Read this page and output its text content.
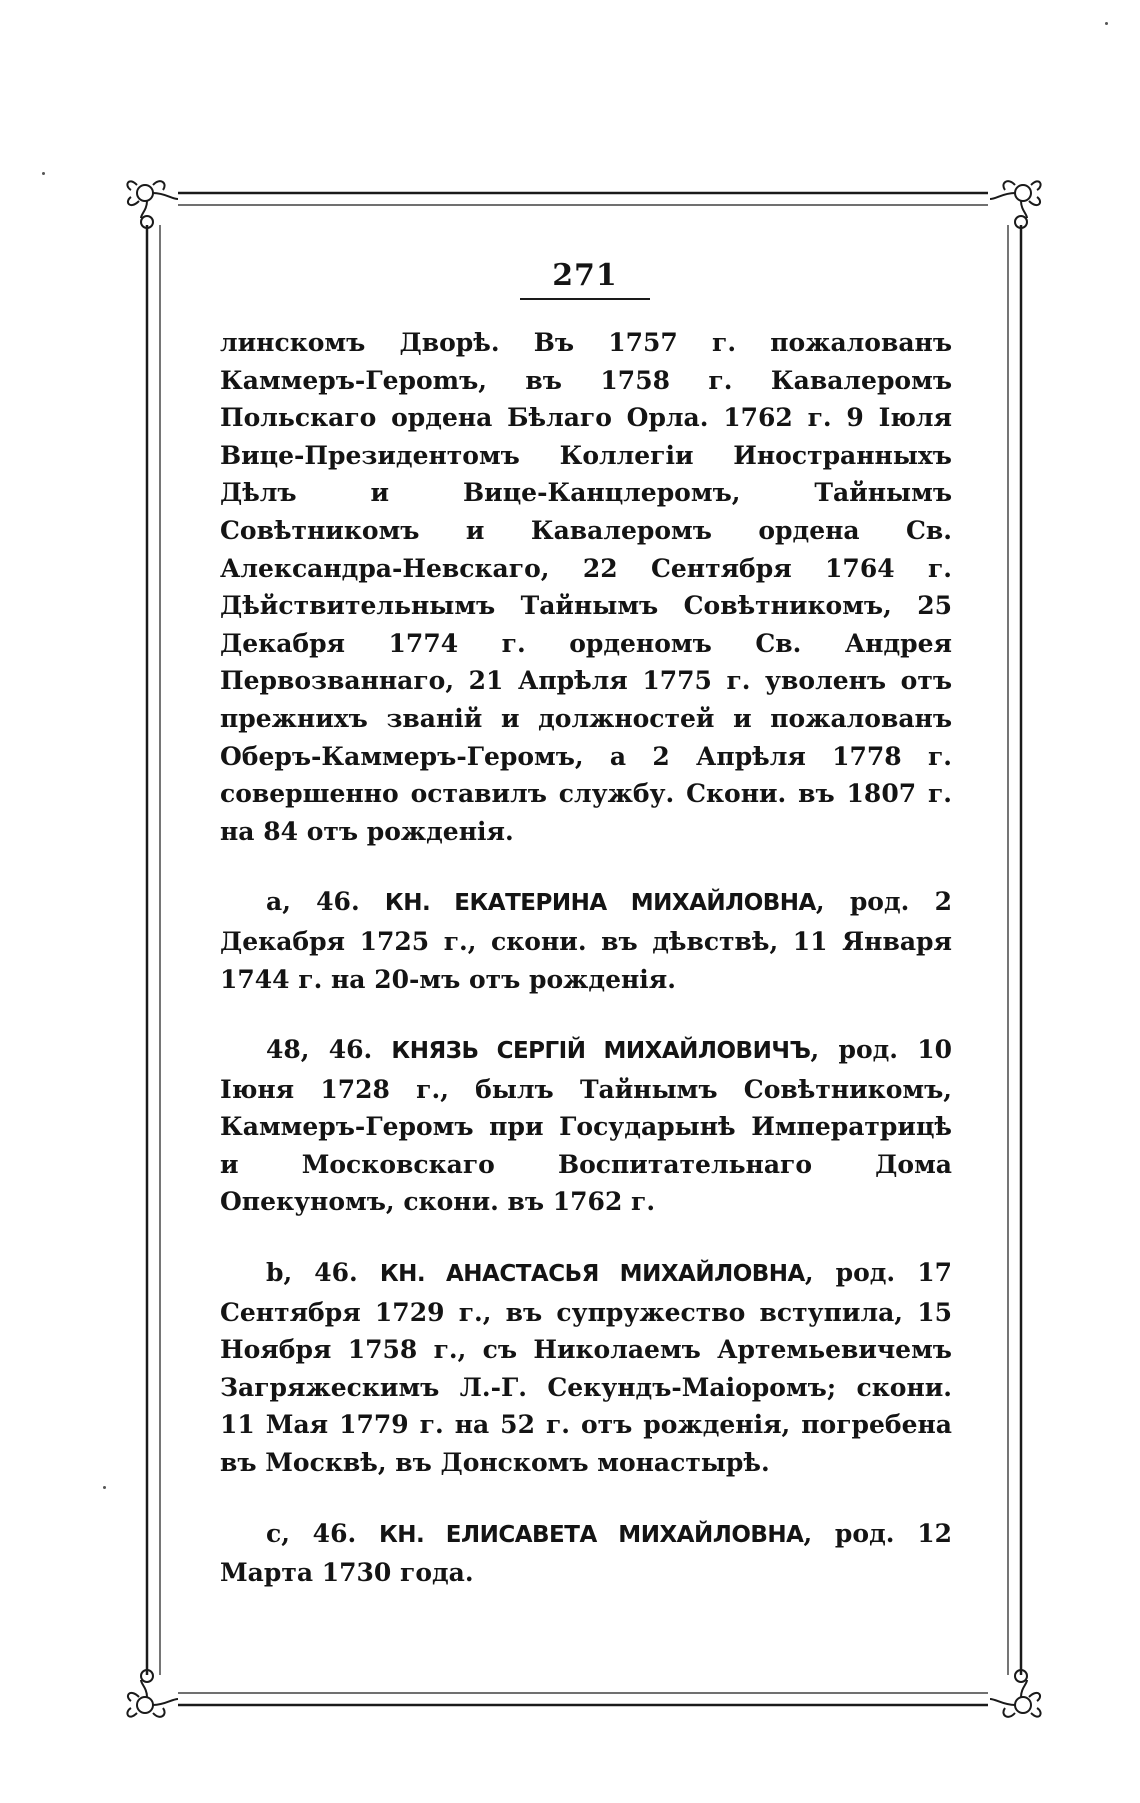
271

линскомъ Дворѣ. Въ 1757 г. пожалованъ Каммеръ-Героmъ, въ 1758 г. Кавалеромъ Польскаго ордена Бѣлаго Орла. 1762 г. 9 Іюля Вице-Президентомъ Коллегіи Иностранныхъ Дѣлъ и Вице-Канцлеромъ, Тайнымъ Совѣтникомъ и Кавалеромъ ордена Св. Александра-Невскаго, 22 Сентября 1764 г. Дѣйствительнымъ Тайнымъ Совѣтникомъ, 25 Декабря 1774 г. орденомъ Св. Андрея Первозваннаго, 21 Апрѣля 1775 г. уволенъ отъ прежнихъ званій и должностей и пожалованъ Оберъ-Каммеръ-Геромъ, а 2 Апрѣля 1778 г. совершенно оставилъ службу. Скони. въ 1807 г. на 84 отъ рожденія.

а, 46. КН. ЕКАТЕРИНА МИХАЙЛОВНА, род. 2 Декабря 1725 г., скони. въ дѣвствѣ, 11 Января 1744 г. на 20-мъ отъ рожденія.

48, 46. КНЯЗЬ СЕРГІЙ МИХАЙЛОВИЧЪ, род. 10 Іюня 1728 г., былъ Тайнымъ Совѣтникомъ, Каммеръ-Геромъ при Государынѣ Императрицѣ и Московскаго Воспитательнаго Дома Опекуномъ, скони. въ 1762 г.

b, 46. КН. АНАСТАСЬЯ МИХАЙЛОВНА, род. 17 Сентября 1729 г., въ супружество вступила, 15 Ноября 1758 г., съ Николаемъ Артемьевичемъ Загряжескимъ Л.-Г. Секундъ-Маіоромъ; скони. 11 Мая 1779 г. на 52 г. отъ рожденія, погребена въ Москвѣ, въ Донскомъ монастырѣ.

с, 46. КН. ЕЛИСАВЕТА МИХАЙЛОВНА, род. 12 Марта 1730 года.
